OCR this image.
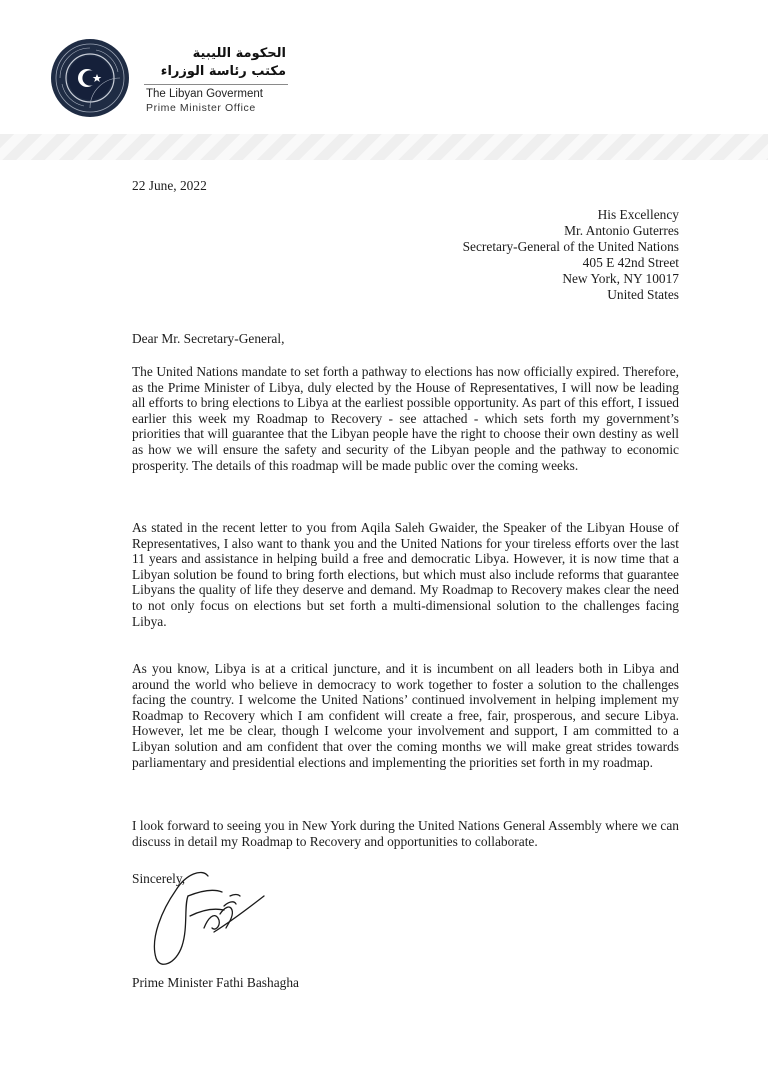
الحكومة الليبية
مكتب رئاسة الوزراء
The Libyan Goverment
Prime Minister Office
22 June, 2022
His Excellency
Mr. Antonio Guterres
Secretary-General of the United Nations
405 E 42nd Street
New York, NY 10017
United States
Dear Mr. Secretary-General,

The United Nations mandate to set forth a pathway to elections has now officially expired. Therefore, as the Prime Minister of Libya, duly elected by the House of Representatives, I will now be leading all efforts to bring elections to Libya at the earliest possible opportunity. As part of this effort, I issued earlier this week my Roadmap to Recovery - see attached - which sets forth my government’s priorities that will guarantee that the Libyan people have the right to choose their own destiny as well as how we will ensure the safety and security of the Libyan people and the pathway to economic prosperity. The details of this roadmap will be made public over the coming weeks.

As stated in the recent letter to you from Aqila Saleh Gwaider, the Speaker of the Libyan House of Representatives, I also want to thank you and the United Nations for your tireless efforts over the last 11 years and assistance in helping build a free and democratic Libya. However, it is now time that a Libyan solution be found to bring forth elections, but which must also include reforms that guarantee Libyans the quality of life they deserve and demand. My Roadmap to Recovery makes clear the need to not only focus on elections but set forth a multi-dimensional solution to the challenges facing Libya.

As you know, Libya is at a critical juncture, and it is incumbent on all leaders both in Libya and around the world who believe in democracy to work together to foster a solution to the challenges facing the country. I welcome the United Nations’ continued involvement in helping implement my Roadmap to Recovery which I am confident will create a free, fair, prosperous, and secure Libya. However, let me be clear, though I welcome your involvement and support, I am committed to a Libyan solution and am confident that over the coming months we will make great strides towards parliamentary and presidential elections and implementing the priorities set forth in my roadmap.

I look forward to seeing you in New York during the United Nations General Assembly where we can discuss in detail my Roadmap to Recovery and opportunities to collaborate.

Sincerely,
Prime Minister Fathi Bashagha
